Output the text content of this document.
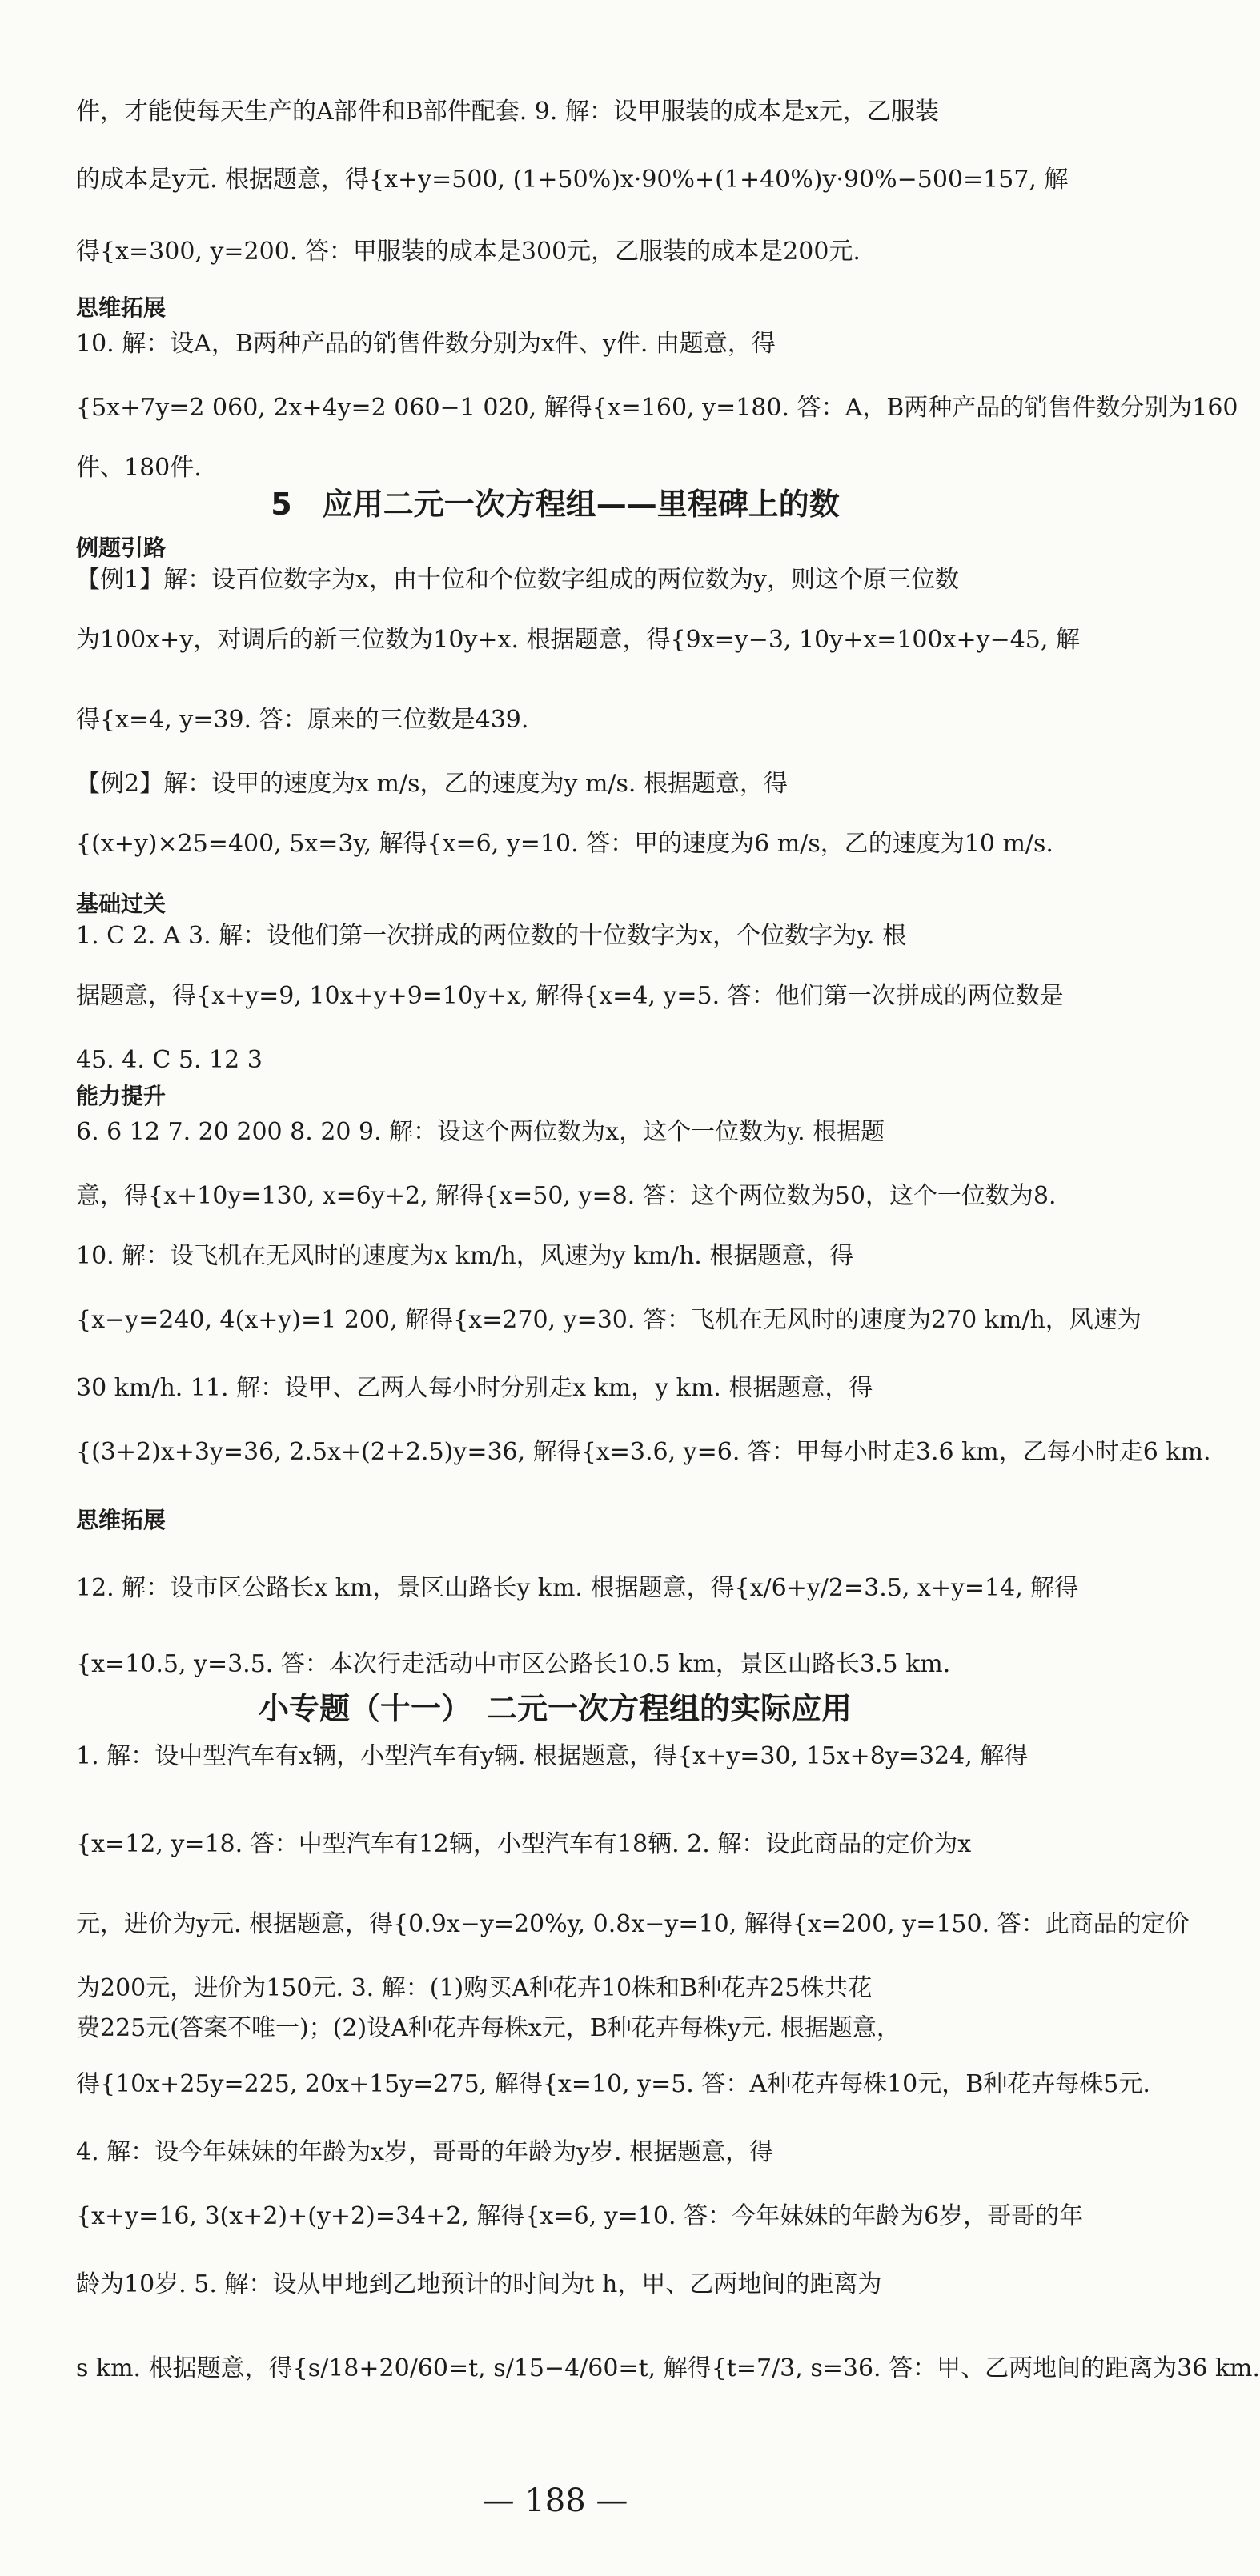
件，才能使每天生产的A部件和B部件配套. 9. 解：设甲服装的成本是x元，乙服装
的成本是y元. 根据题意，得{x+y=500, (1+50%)x·90%+(1+40%)y·90%−500=157, 解
得{x=300, y=200. 答：甲服装的成本是300元，乙服装的成本是200元.
思维拓展
10. 解：设A，B两种产品的销售件数分别为x件、y件. 由题意，得
{5x+7y=2 060, 2x+4y=2 060−1 020, 解得{x=160, y=180. 答：A，B两种产品的销售件数分别为160
件、180件.
5　应用二元一次方程组——里程碑上的数
例题引路
【例1】解：设百位数字为x，由十位和个位数字组成的两位数为y，则这个原三位数
为100x+y，对调后的新三位数为10y+x. 根据题意，得{9x=y−3, 10y+x=100x+y−45, 解
得{x=4, y=39. 答：原来的三位数是439.
【例2】解：设甲的速度为x m/s，乙的速度为y m/s. 根据题意，得
{(x+y)×25=400, 5x=3y, 解得{x=6, y=10. 答：甲的速度为6 m/s，乙的速度为10 m/s.
基础过关
1. C 2. A 3. 解：设他们第一次拼成的两位数的十位数字为x，个位数字为y. 根
据题意，得{x+y=9, 10x+y+9=10y+x, 解得{x=4, y=5. 答：他们第一次拼成的两位数是
45. 4. C 5. 12 3
能力提升
6. 6 12 7. 20 200 8. 20 9. 解：设这个两位数为x，这个一位数为y. 根据题
意，得{x+10y=130, x=6y+2, 解得{x=50, y=8. 答：这个两位数为50，这个一位数为8.
10. 解：设飞机在无风时的速度为x km/h，风速为y km/h. 根据题意，得
{x−y=240, 4(x+y)=1 200, 解得{x=270, y=30. 答：飞机在无风时的速度为270 km/h，风速为
30 km/h. 11. 解：设甲、乙两人每小时分别走x km，y km. 根据题意，得
{(3+2)x+3y=36, 2.5x+(2+2.5)y=36, 解得{x=3.6, y=6. 答：甲每小时走3.6 km，乙每小时走6 km.
思维拓展
12. 解：设市区公路长x km，景区山路长y km. 根据题意，得{x/6+y/2=3.5, x+y=14, 解得
{x=10.5, y=3.5. 答：本次行走活动中市区公路长10.5 km，景区山路长3.5 km.
小专题（十一）　二元一次方程组的实际应用
1. 解：设中型汽车有x辆，小型汽车有y辆. 根据题意，得{x+y=30, 15x+8y=324, 解得
{x=12, y=18. 答：中型汽车有12辆，小型汽车有18辆. 2. 解：设此商品的定价为x
元，进价为y元. 根据题意，得{0.9x−y=20%y, 0.8x−y=10, 解得{x=200, y=150. 答：此商品的定价
为200元，进价为150元. 3. 解：(1)购买A种花卉10株和B种花卉25株共花
费225元(答案不唯一)；(2)设A种花卉每株x元，B种花卉每株y元. 根据题意，
得{10x+25y=225, 20x+15y=275, 解得{x=10, y=5. 答：A种花卉每株10元，B种花卉每株5元.
4. 解：设今年妹妹的年龄为x岁，哥哥的年龄为y岁. 根据题意，得
{x+y=16, 3(x+2)+(y+2)=34+2, 解得{x=6, y=10. 答：今年妹妹的年龄为6岁，哥哥的年
龄为10岁. 5. 解：设从甲地到乙地预计的时间为t h，甲、乙两地间的距离为
s km. 根据题意，得{s/18+20/60=t, s/15−4/60=t, 解得{t=7/3, s=36. 答：甲、乙两地间的距离为36 km.
— 188 —
